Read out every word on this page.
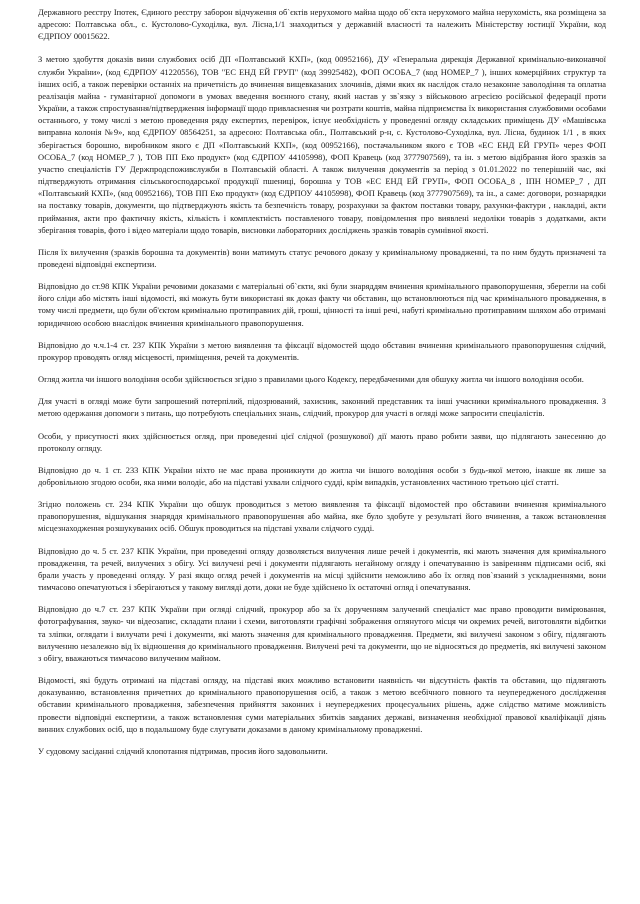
Державного реєстру Іпотек, Єдиного реєстру заборон відчуження об`єктів нерухомого майна щодо об`єкта нерухомого майна нерухомість, яка розміщена за адресою: Полтавська обл., с. Кустолово-Суходілка, вул. Лісна,1/1 знаходиться у державній власності та належить Міністерству юстиції України, код ЄДРПОУ 00015622.

З метою здобуття доказів вини службових осіб ДП «Полтавський КХП», (код 00952166), ДУ «Генеральна дирекція Державної кримінально-виконавчої служби України», (код ЄДРПОУ 41220556), ТОВ "ЕС ЕНД ЕЙ ГРУП" (код 39925482), ФОП ОСОБА_7 (код НОМЕР_7 ), інших комерційних структур та інших осіб, а також перевірки останніх на причетність до вчинення вищевказаних злочинів, діями яких як наслідок стало незаконне заволодіння та оплатна реалізація майна - гуманітарної допомоги в умовах введення воєнного стану, який настав у зв`язку з військовою агресією російської федерації проти України, а також спростування/підтвердження інформації щодо привласнення чи розтрати коштів, майна підприємства їх використання службовими особами останнього, у тому числі з метою проведення ряду експертиз, перевірок, існує необхідність у проведенні огляду складських приміщень ДУ «Машівська виправна колонія №9», код ЄДРПОУ 08564251, за адресою: Полтавська обл., Полтавський р-н, с. Кустолово-Суходілка, вул. Лісна, будинок 1/1 , в яких зберігається борошно, виробником якого є ДП «Полтавський КХП», (код 00952166), постачальником якого є ТОВ «ЕС ЕНД ЕЙ ГРУП» через ФОП ОСОБА_7 (код НОМЕР_7 ), ТОВ ПП Еко продукт» (код ЄДРПОУ 44105998), ФОП Кравець (код 3777907569), та ін. з метою відібрання його зразків за участю спеціалістів ГУ Держпродспоживслужби в Полтавській області. А також вилучення документів за період з 01.01.2022 по теперішній час, які підтверджують отримання сільськогосподарської продукції пшениці, борошна у ТОВ «ЕС ЕНД ЕЙ ГРУП», ФОП ОСОБА_8 , ІПН НОМЕР_7 , ДП «Полтавський КХП», (код 00952166), ТОВ ПП Еко продукт» (код ЄДРПОУ 44105998), ФОП Кравець (код 3777907569), та ін., а саме: договори, рознарядки на поставку товарів, документи, що підтверджують якість та безпечність товару, розрахунки за фактом поставки товару, рахунки-фактури , накладні, акти приймання, акти про фактичну якість, кількість і комплектність поставленого товару, повідомлення про виявлені недоліки товарів з додатками, акти зберігання товарів, фото і відео матеріали щодо товарів, висновки лабораторних досліджень зразків товарів сумнівної якості.

Після їх вилучення (зразків борошна та документів) вони матимуть статус речового доказу у кримінальному провадженні, та по ним будуть призначені та проведені відповідні експертизи.

Відповідно до ст.98 КПК України речовими доказами є матеріальні об`єкти, які були знаряддям вчинення кримінального правопорушення, зберегли на собі його сліди або містять інші відомості, які можуть бути використані як доказ факту чи обставин, що встановлюються під час кримінального провадження, в тому числі предмети, що були об'єктом кримінально протиправних дій, гроші, цінності та інші речі, набуті кримінально протиправним шляхом або отримані юридичною особою внаслідок вчинення кримінального правопорушення.

Відповідно до ч.ч.1-4 ст. 237 КПК України з метою виявлення та фіксації відомостей щодо обставин вчинення кримінального правопорушення слідчий, прокурор проводять огляд місцевості, приміщення, речей та документів.

Огляд житла чи іншого володіння особи здійснюється згідно з правилами цього Кодексу, передбаченими для обшуку житла чи іншого володіння особи.

Для участі в огляді може бути запрошений потерпілий, підозрюваний, захисник, законний представник та інші учасники кримінального провадження. З метою одержання допомоги з питань, що потребують спеціальних знань, слідчий, прокурор для участі в огляді може запросити спеціалістів.

Особи, у присутності яких здійснюється огляд, при проведенні цієї слідчої (розшукової) дії мають право робити заяви, що підлягають занесенню до протоколу огляду.

Відповідно до ч. 1 ст. 233 КПК України ніхто не має права проникнути до житла чи іншого володіння особи з будь-якої метою, інакше як лише за добровільною згодою особи, яка ними володіє, або на підставі ухвали слідчого судді, крім випадків, установлених частиною третьою цієї статті.

Згідно положень ст. 234 КПК України що обшук проводиться з метою виявлення та фіксації відомостей про обставини вчинення кримінального правопорушення, відшукання знаряддя кримінального правопорушення або майна, яке було здобуте у результаті його вчинення, а також встановлення місцезнаходження розшукуваних осіб. Обшук проводиться на підставі ухвали слідчого судді.

Відповідно до ч. 5 ст. 237 КПК України, при проведенні огляду дозволяється вилучення лише речей і документів, які мають значення для кримінального провадження, та речей, вилучених з обігу. Усі вилучені речі і документи підлягають негайному огляду і опечатуванню із завіренням підписами осіб, які брали участь у проведенні огляду. У разі якщо огляд речей і документів на місці здійснити неможливо або їх огляд пов`язаний з ускладненнями, вони тимчасово опечатуються і зберігаються у такому вигляді доти, доки не буде здійснено їх остаточні огляд і опечатування.

Відповідно до ч.7 ст. 237 КПК України при огляді слідчий, прокурор або за їх дорученням залучений спеціаліст має право проводити вимірювання, фотографування, звуко- чи відеозапис, складати плани і схеми, виготовляти графічні зображення оглянутого місця чи окремих речей, виготовляти відбитки та зліпки, оглядати і вилучати речі і документи, які мають значення для кримінального провадження. Предмети, які вилучені законом з обігу, підлягають вилученню незалежно від їх відношення до кримінального провадження. Вилучені речі та документи, що не відносяться до предметів, які вилучені законом з обігу, вважаються тимчасово вилученим майном.

Відомості, які будуть отримані на підставі огляду, на підставі яких можливо встановити наявність чи відсутність фактів та обставин, що підлягають доказуванню, встановлення причетних до кримінального правопорушення осіб, а також з метою всебічного повного та неупередженого дослідження обставин кримінального провадження, забезпечення прийняття законних і неупереджених процесуальних рішень, адже слідство матиме можливість провести відповідні експертизи, а також встановлення суми матеріальних збитків завданих державі, визначення необхідної правової кваліфікації діянь винних службових осіб, що в подальшому буде слугувати доказами в даному кримінальному провадженні.

У судовому засіданні слідчий клопотання підтримав, просив його задовольнити.
